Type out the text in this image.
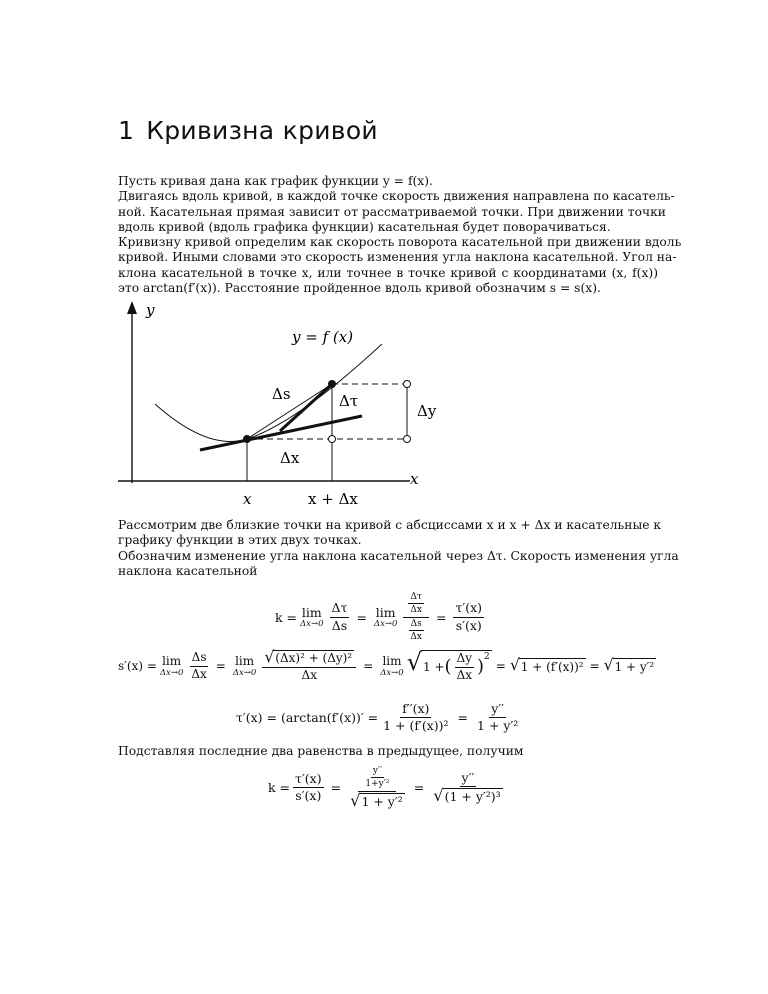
1 Кривизна кривой
Пусть кривая дана как график функции y = f(x).
Двигаясь вдоль кривой, в каждой точке скорость движения направлена по касатель-
ной. Касательная прямая зависит от рассматриваемой точки. При движении точки
вдоль кривой (вдоль графика функции) касательная будет поворачиваться.
Кривизну кривой определим как скорость поворота касательной при движении вдоль
кривой. Иными словами это скорость изменения угла наклона касательной. Угол на-
клона касательной в точке x, или точнее в точке кривой с координатами (x, f(x))
это arctan(f′(x)). Расстояние пройденное вдоль кривой обозначим s = s(x).
y
x
y = f (x)
Δs	Δτ
Δy
Δx
x	x + Δx
Рассмотрим две близкие точки на кривой с абсциссами x и x + Δx и касательные к
графику функции в этих двух точках.
Обозначим изменение угла наклона касательной через Δτ. Скорость изменения угла
наклона касательной
k = lim
$\Delta x\to 0 \frac{\Delta\tau}{\Delta s} = \lim$
$\Delta x\to 0 \frac{\frac{\Delta\tau}{\Delta x}}{\frac{\Delta s}{\Delta x}} = \frac{\tau'(x)}{s'(x)}$
s′(x) = lim
$\Delta x\to 0 \frac{\Delta s}{\Delta x} = \lim$
$\Delta x\to 0 \frac{\text{√ (Δx)² + (Δy)²}}{\Delta x} = \lim$
Δx→0 √ 1 + ( $\frac{\Delta y}{\Delta x} )^2$
= √ 1 + (f′(x))² = √ 1 + y′²
$\tau'(x) = (\arctan(f'(x))' = \frac{f''(x)}{\text{1 + (f′(x))²}} = \frac{y''}{\text{1 + y′²}}$
Подставляя последние два равенства в предыдущее, получим
$k = \frac{\tau'(x)}{s'(x)} = \frac{\frac{y''}{\text{1+y′²}}}{\text{√ 1 + y′²}} = \frac{y''}{\text{√ (1 + y′²)³}}$
